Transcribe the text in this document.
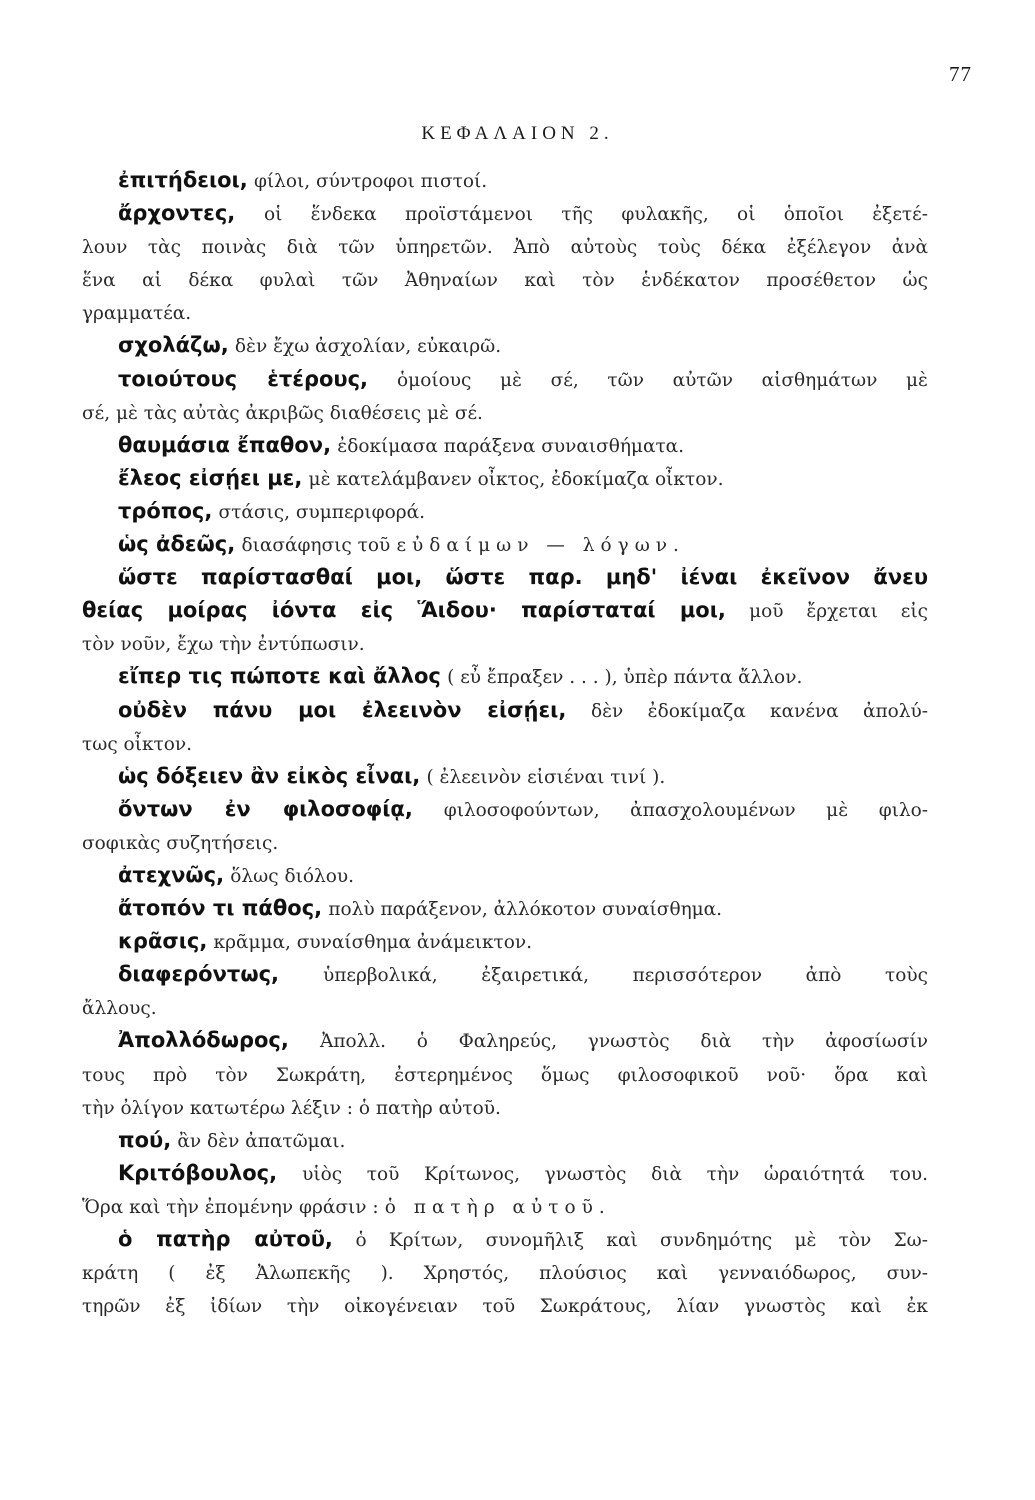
77
ΚΕΦΑΛΑΙΟΝ 2.
ἐπιτήδειοι, φίλοι, σύντροφοι πιστοί.
ἄρχοντες, οἱ ἕνδεκα προϊστάμενοι τῆς φυλακῆς, οἱ ὁποῖοι ἐξετέ-
λουν τὰς ποινὰς διὰ τῶν ὑπηρετῶν. Ἀπὸ αὐτοὺς τοὺς δέκα ἐξέλεγον ἀνὰ
ἕνα αἱ δέκα φυλαὶ τῶν Ἀθηναίων καὶ τὸν ἑνδέκατον προσέθετον ὡς
γραμματέα.
σχολάζω, δὲν ἔχω ἀσχολίαν, εὐκαιρῶ.
τοιούτους ἑτέρους, ὁμοίους μὲ σέ, τῶν αὐτῶν αἰσθημάτων μὲ
σέ, μὲ τὰς αὐτὰς ἀκριβῶς διαθέσεις μὲ σέ.
θαυμάσια ἔπαθον, ἐδοκίμασα παράξενα συναισθήματα.
ἔλεος εἰσῄει με, μὲ κατελάμβανεν οἶκτος, ἐδοκίμαζα οἶκτον.
τρόπος, στάσις, συμπεριφορά.
ὡς ἀδεῶς, διασάφησις τοῦ εὐδαίμων — λόγων.
ὥστε παρίστασθαί μοι, ὥστε παρ. μηδ' ἰέναι ἐκεῖνον ἄνευ
θείας μοίρας ἰόντα εἰς Ἅιδου· παρίσταταί μοι, μοῦ ἔρχεται εἰς
τὸν νοῦν, ἔχω τὴν ἐντύπωσιν.
εἴπερ τις πώποτε καὶ ἄλλος ( εὖ ἔπραξεν . . . ), ὑπὲρ πάντα ἄλλον.
οὐδὲν πάνυ μοι ἐλεεινὸν εἰσῄει, δὲν ἐδοκίμαζα κανένα ἀπολύ-
τως οἶκτον.
ὡς δόξειεν ἂν εἰκὸς εἶναι, ( ἐλεεινὸν εἰσιέναι τινί ).
ὄντων ἐν φιλοσοφίᾳ, φιλοσοφούντων, ἀπασχολουμένων μὲ φιλο-
σοφικὰς συζητήσεις.
ἀτεχνῶς, ὅλως διόλου.
ἄτοπόν τι πάθος, πολὺ παράξενον, ἀλλόκοτον συναίσθημα.
κρᾶσις, κρᾶμμα, συναίσθημα ἀνάμεικτον.
διαφερόντως, ὑπερβολικά, ἐξαιρετικά, περισσότερον ἀπὸ τοὺς
ἄλλους.
Ἀπολλόδωρος, Ἀπολλ. ὁ Φαληρεύς, γνωστὸς διὰ τὴν ἀφοσίωσίν
τους πρὸ τὸν Σωκράτη, ἐστερημένος ὅμως φιλοσοφικοῦ νοῦ· ὅρα καὶ
τὴν ὀλίγον κατωτέρω λέξιν : ὁ πατὴρ αὐτοῦ.
πού, ἂν δὲν ἀπατῶμαι.
Κριτόβουλος, υἱὸς τοῦ Κρίτωνος, γνωστὸς διὰ τὴν ὡραιότητά του.
Ὅρα καὶ τὴν ἐπομένην φράσιν : ὁ πατὴρ αὐτοῦ.
ὁ πατὴρ αὐτοῦ, ὁ Κρίτων, συνομῆλιξ καὶ συνδημότης μὲ τὸν Σω-
κράτη ( ἐξ Ἀλωπεκῆς ). Χρηστός, πλούσιος καὶ γενναιόδωρος, συν-
τηρῶν ἐξ ἰδίων τὴν οἰκογένειαν τοῦ Σωκράτους, λίαν γνωστὸς καὶ ἐκ
